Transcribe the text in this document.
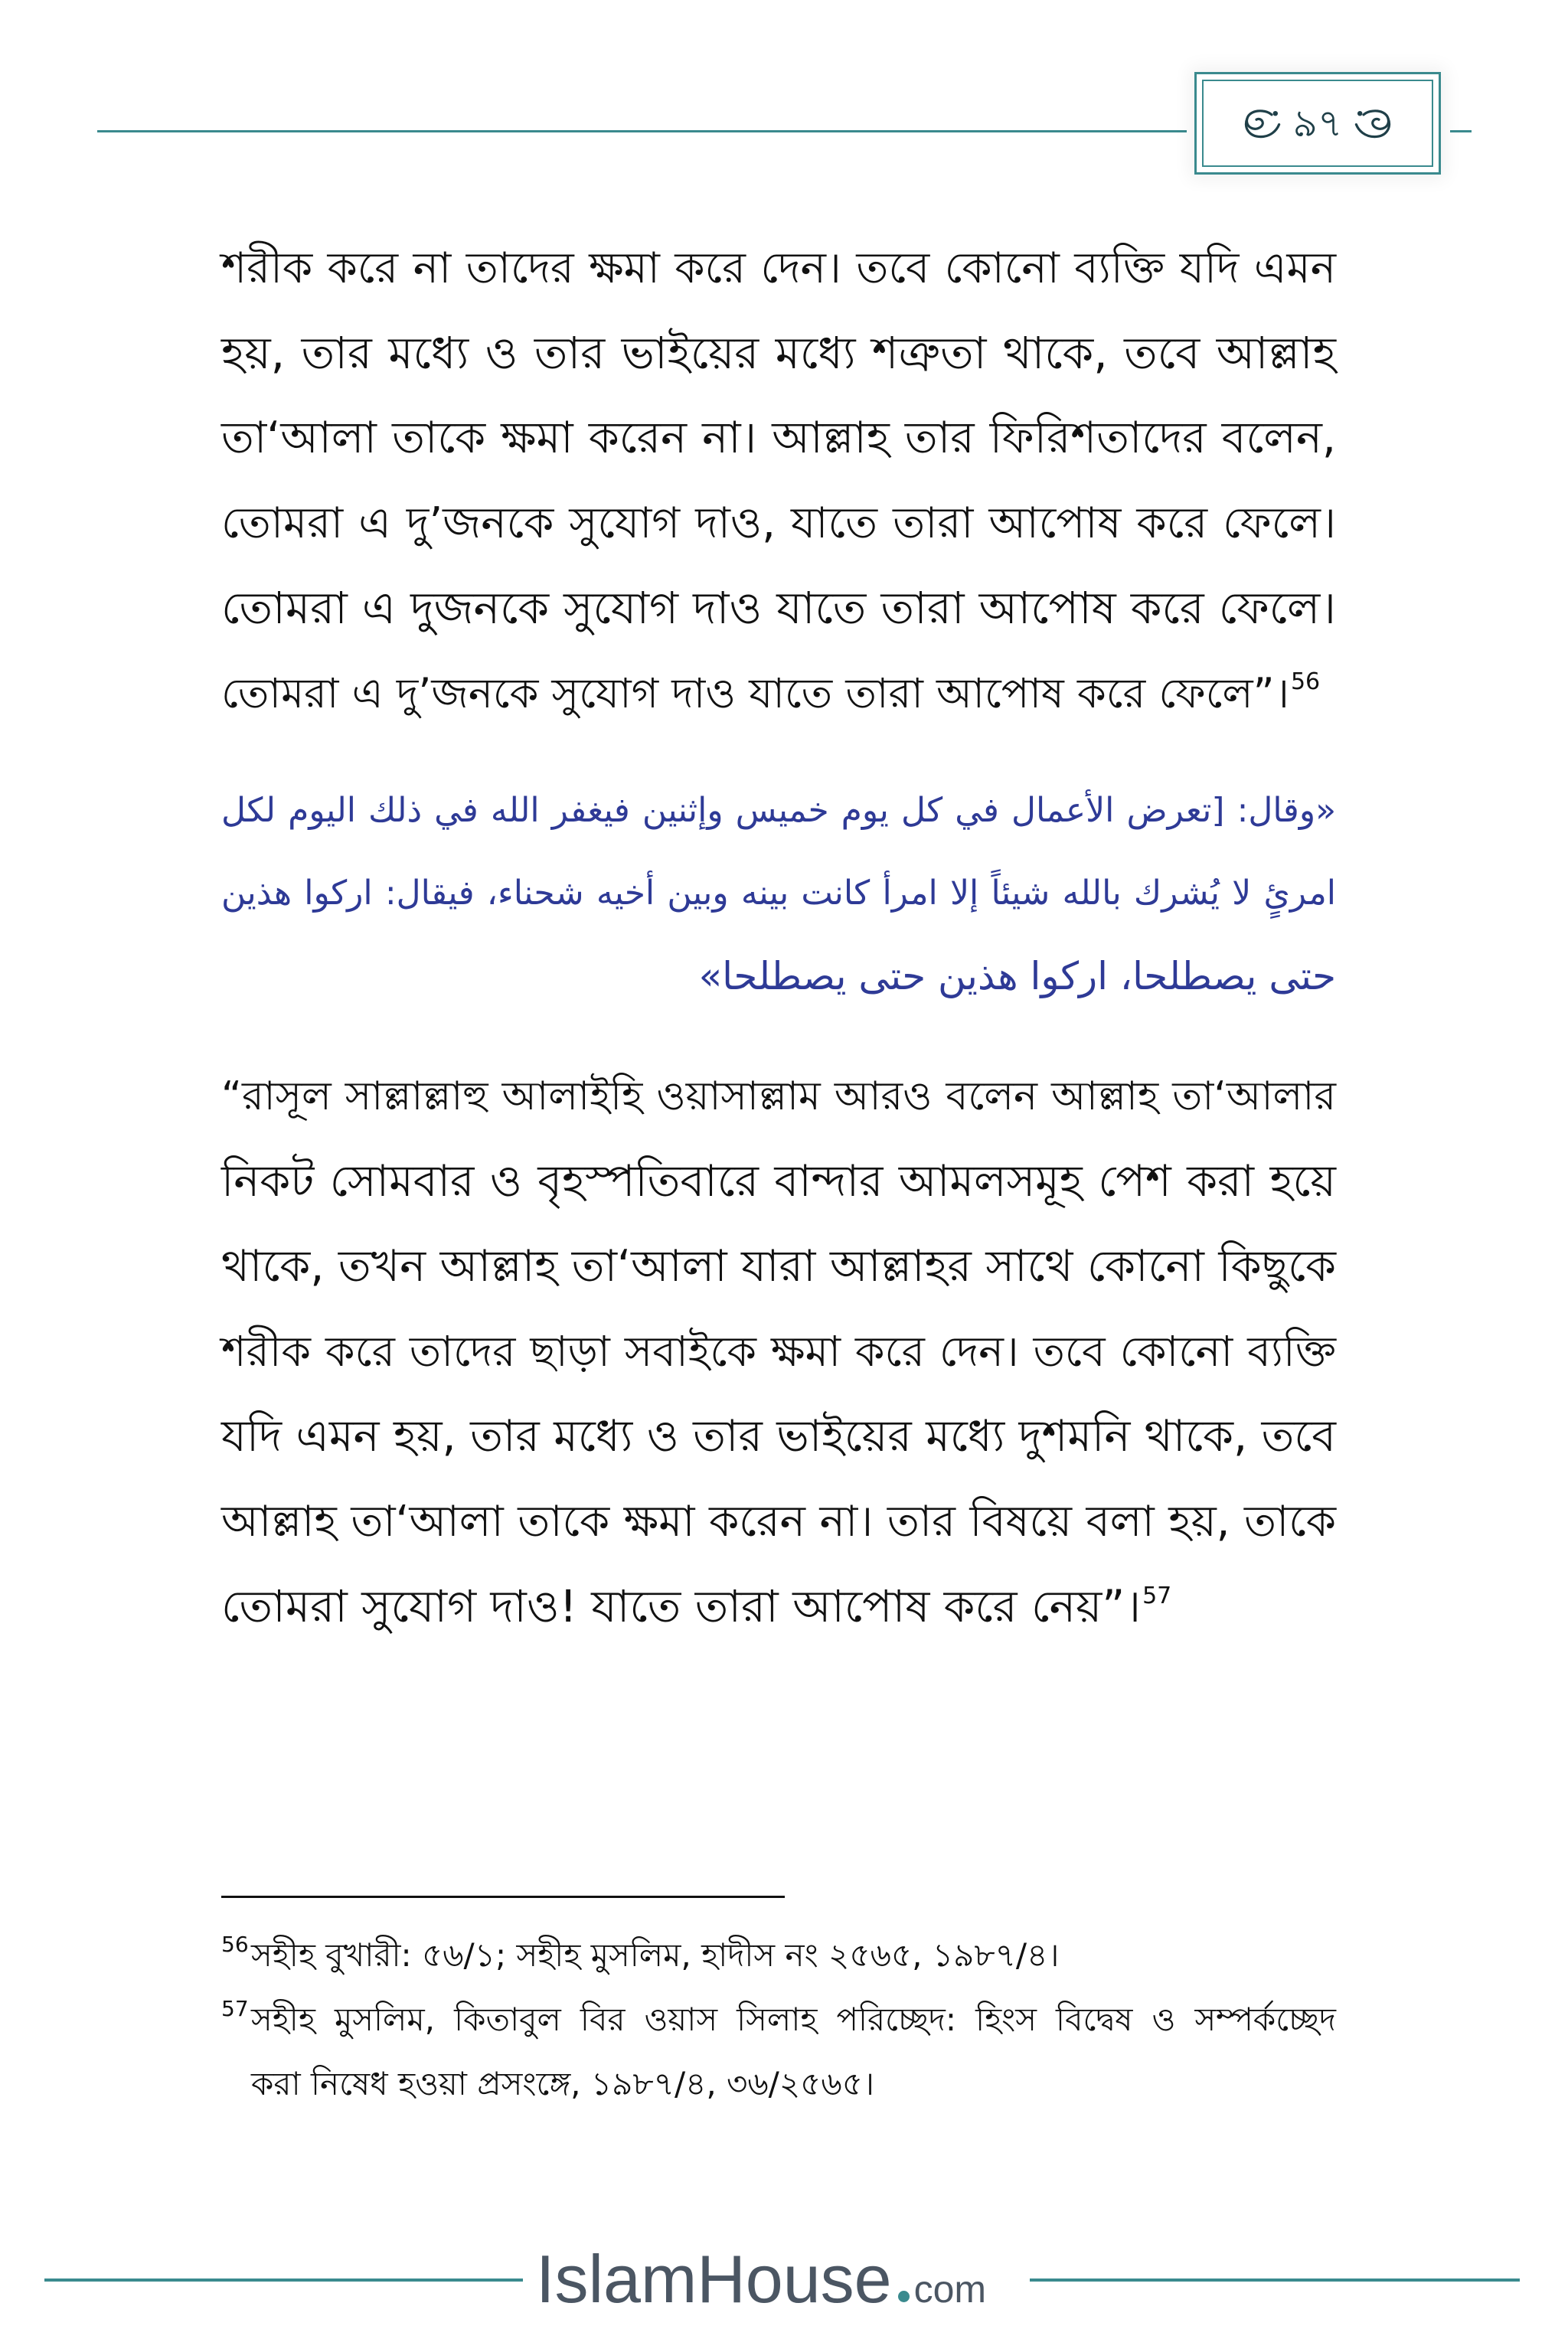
৯৭
শরীক করে না তাদের ক্ষমা করে দেন। তবে কোনো ব্যক্তি যদি এমন
হয়, তার মধ্যে ও তার ভাইয়ের মধ্যে শত্রুতা থাকে, তবে আল্লাহ
তা‘আলা তাকে ক্ষমা করেন না। আল্লাহ তার ফিরিশতাদের বলেন,
তোমরা এ দু’জনকে সুযোগ দাও, যাতে তারা আপোষ করে ফেলে।
তোমরা এ দুজনকে সুযোগ দাও যাতে তারা আপোষ করে ফেলে।
তোমরা এ দু’জনকে সুযোগ দাও যাতে তারা আপোষ করে ফেলে”।$^{56}$
«وقال: [تعرض الأعمال في كل يوم خميس وإثنين فيغفر الله في ذلك اليوم لكل
امرئٍ لا يُشرك بالله شيئاً إلا امرأ كانت بينه وبين أخيه شحناء، فيقال: اركوا هذين
حتى يصطلحا، اركوا هذين حتى يصطلحا»
“রাসূল সাল্লাল্লাহু আলাইহি ওয়াসাল্লাম আরও বলেন আল্লাহ তা‘আলার
নিকট সোমবার ও বৃহস্পতিবারে বান্দার আমলসমূহ পেশ করা হয়ে
থাকে, তখন আল্লাহ তা‘আলা যারা আল্লাহর সাথে কোনো কিছুকে
শরীক করে তাদের ছাড়া সবাইকে ক্ষমা করে দেন। তবে কোনো ব্যক্তি
যদি এমন হয়, তার মধ্যে ও তার ভাইয়ের মধ্যে দুশমনি থাকে, তবে
আল্লাহ তা‘আলা তাকে ক্ষমা করেন না। তার বিষয়ে বলা হয়, তাকে
তোমরা সুযোগ দাও! যাতে তারা আপোষ করে নেয়”।$^{57}$
56 সহীহ বুখারী: ৫৬/১; সহীহ মুসলিম, হাদীস নং ২৫৬৫, ১৯৮৭/৪।
57 সহীহ মুসলিম, কিতাবুল বির ওয়াস সিলাহ পরিচ্ছেদ: হিংস বিদ্বেষ ও সম্পর্কচ্ছেদ
করা নিষেধ হওয়া প্রসংঙ্গে, ১৯৮৭/৪, ৩৬/২৫৬৫।
IslamHouse com
